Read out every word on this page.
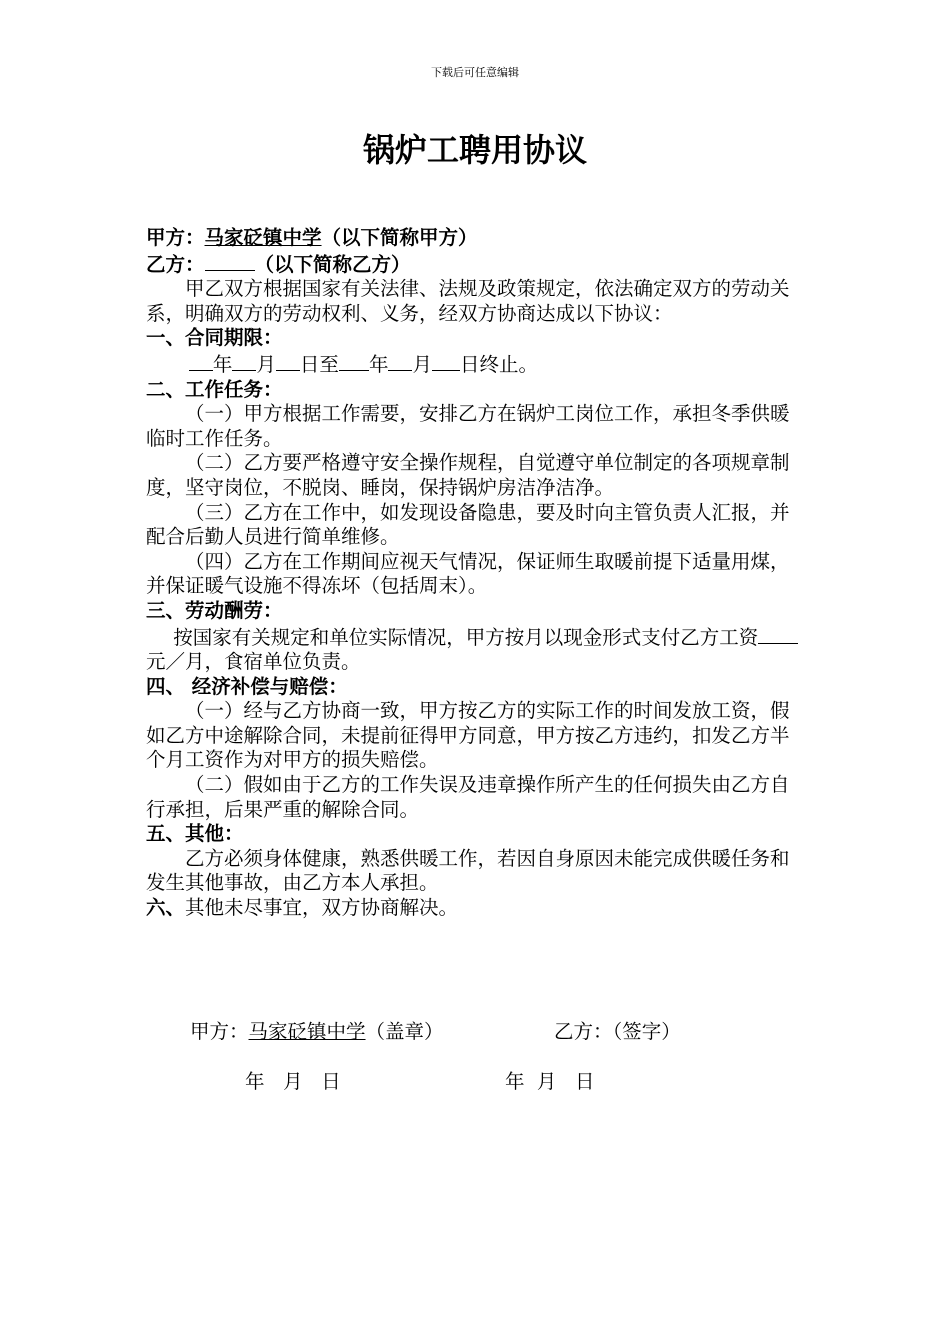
下载后可任意编辑
锅炉工聘用协议

甲方：马家砭镇中学（以下简称甲方）

乙方：	（以下简称乙方）

甲乙双方根据国家有关法律、法规及政策规定，依法确定双方的劳动关系，明确双方的劳动权利、义务，经双方协商达成以下协议：

一、合同期限：

年 月 日至 年 月 日终止。

二、工作任务：

（一）甲方根据工作需要，安排乙方在锅炉工岗位工作，承担冬季供暖临时工作任务。

（二）乙方要严格遵守安全操作规程，自觉遵守单位制定的各项规章制度，坚守岗位，不脱岗、睡岗，保持锅炉房洁净洁净。

（三）乙方在工作中，如发现设备隐患，要及时向主管负责人汇报，并配合后勤人员进行简单维修。

（四）乙方在工作期间应视天气情况，保证师生取暖前提下适量用煤，并保证暖气设施不得冻坏（包括周末）。

三、劳动酬劳：

按国家有关规定和单位实际情况，甲方按月以现金形式支付乙方工资元／月，食宿单位负责。

四、 经济补偿与赔偿：

（一）经与乙方协商一致，甲方按乙方的实际工作的时间发放工资，假如乙方中途解除合同，未提前征得甲方同意，甲方按乙方违约，扣发乙方半个月工资作为对甲方的损失赔偿。

（二）假如由于乙方的工作失误及违章操作所产生的任何损失由乙方自行承担，后果严重的解除合同。

五、其他：

乙方必须身体健康，熟悉供暖工作，若因自身原因未能完成供暖任务和发生其他事故，由乙方本人承担。

六、其他未尽事宜，双方协商解决。

甲方：马家砭镇中学（盖章）	乙方：（签字）
年 月 日	年 月 日
